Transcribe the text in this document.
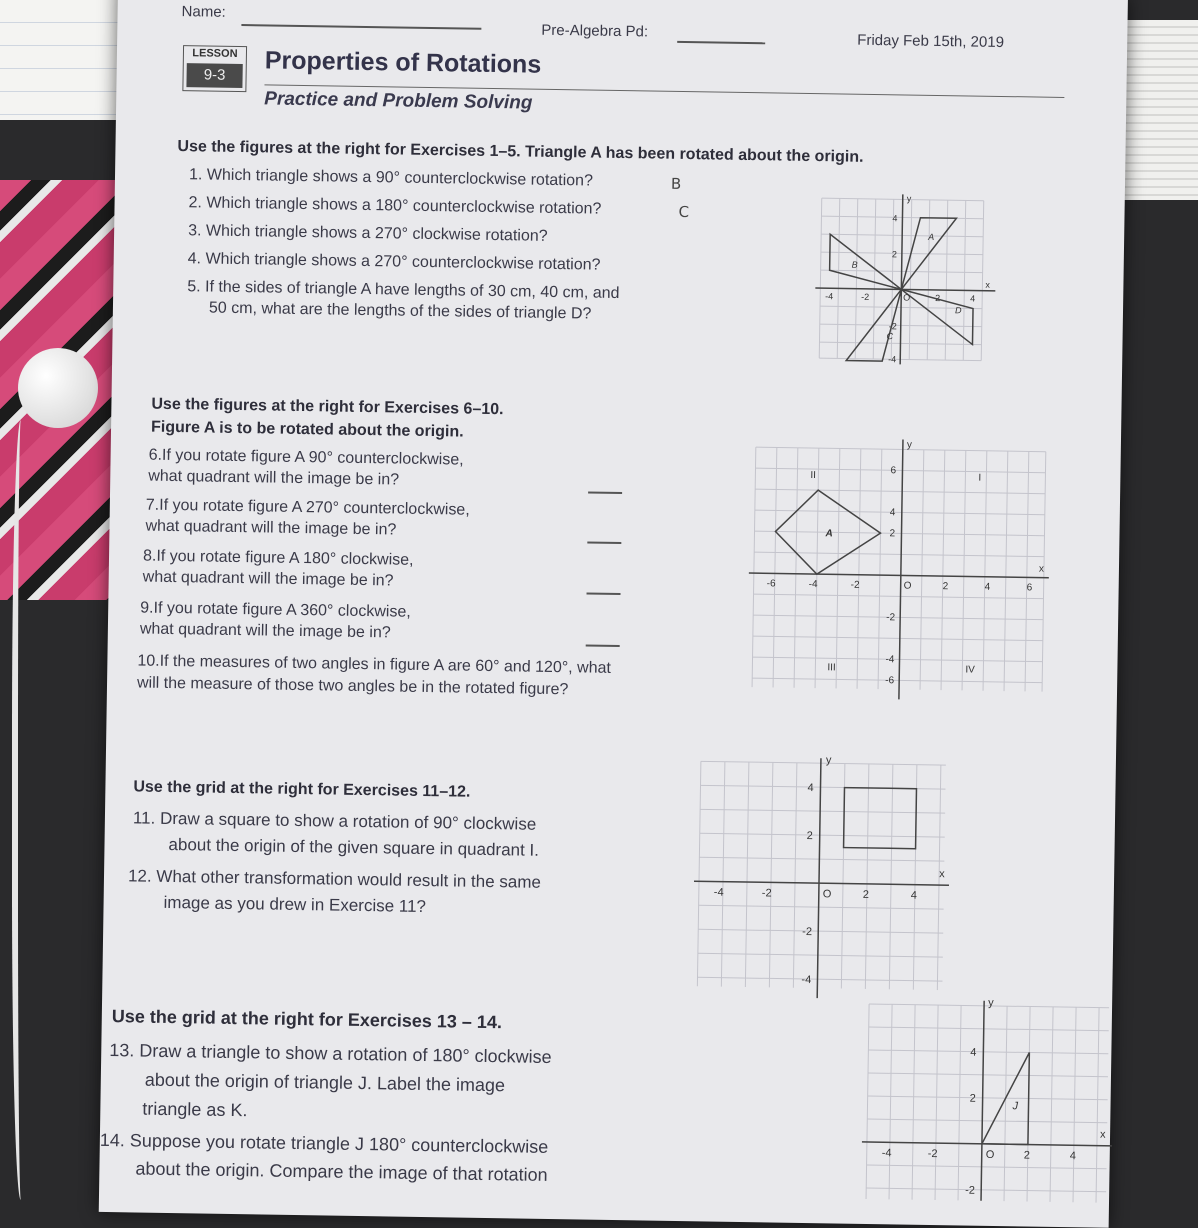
Name:
Pre-Algebra Pd:
Friday Feb 15th, 2019
LESSON
9-3	Properties of Rotations
Practice and Problem Solving
Use the figures at the right for Exercises 1–5. Triangle A has been rotated about the origin.
1. Which triangle shows a 90° counterclockwise rotation?	B
2. Which triangle shows a 180° counterclockwise rotation?	C
3. Which triangle shows a 270° clockwise rotation?
4. Which triangle shows a 270° counterclockwise rotation?
5. If the sides of triangle A have lengths of 30 cm, 40 cm, and
50 cm, what are the lengths of the sides of triangle D?
x
y
4
2
-2
-4
-4	-2	2	4
O
A
B
C
D
Use the figures at the right for Exercises 6–10.
Figure A is to be rotated about the origin.
6.If you rotate figure A 90° counterclockwise,
what quadrant will the image be in?
7.If you rotate figure A 270° counterclockwise,
what quadrant will the image be in?
8.If you rotate figure A 180° clockwise,
what quadrant will the image be in?
9.If you rotate figure A 360° clockwise,
what quadrant will the image be in?
10.If the measures of two angles in figure A are 60° and 120°, what
will the measure of those two angles be in the rotated figure?
x
y
6
4
2
-2
-4
-6
-6	-4	-2	2	4	6
O
A
I
II
III	IV
Use the grid at the right for Exercises 11–12.
11. Draw a square to show a rotation of 90° clockwise
about the origin of the given square in quadrant I.
12. What other transformation would result in the same
image as you drew in Exercise 11?
x
y
4
2
-2
-4
-4	-2	2	4
O
Use the grid at the right for Exercises 13 – 14.
13. Draw a triangle to show a rotation of 180° clockwise
about the origin of triangle J. Label the image
triangle as K.
14. Suppose you rotate triangle J 180° counterclockwise
about the origin. Compare the image of that rotation
x
y
4
2
-2
-4	-2	2	4
O
J
